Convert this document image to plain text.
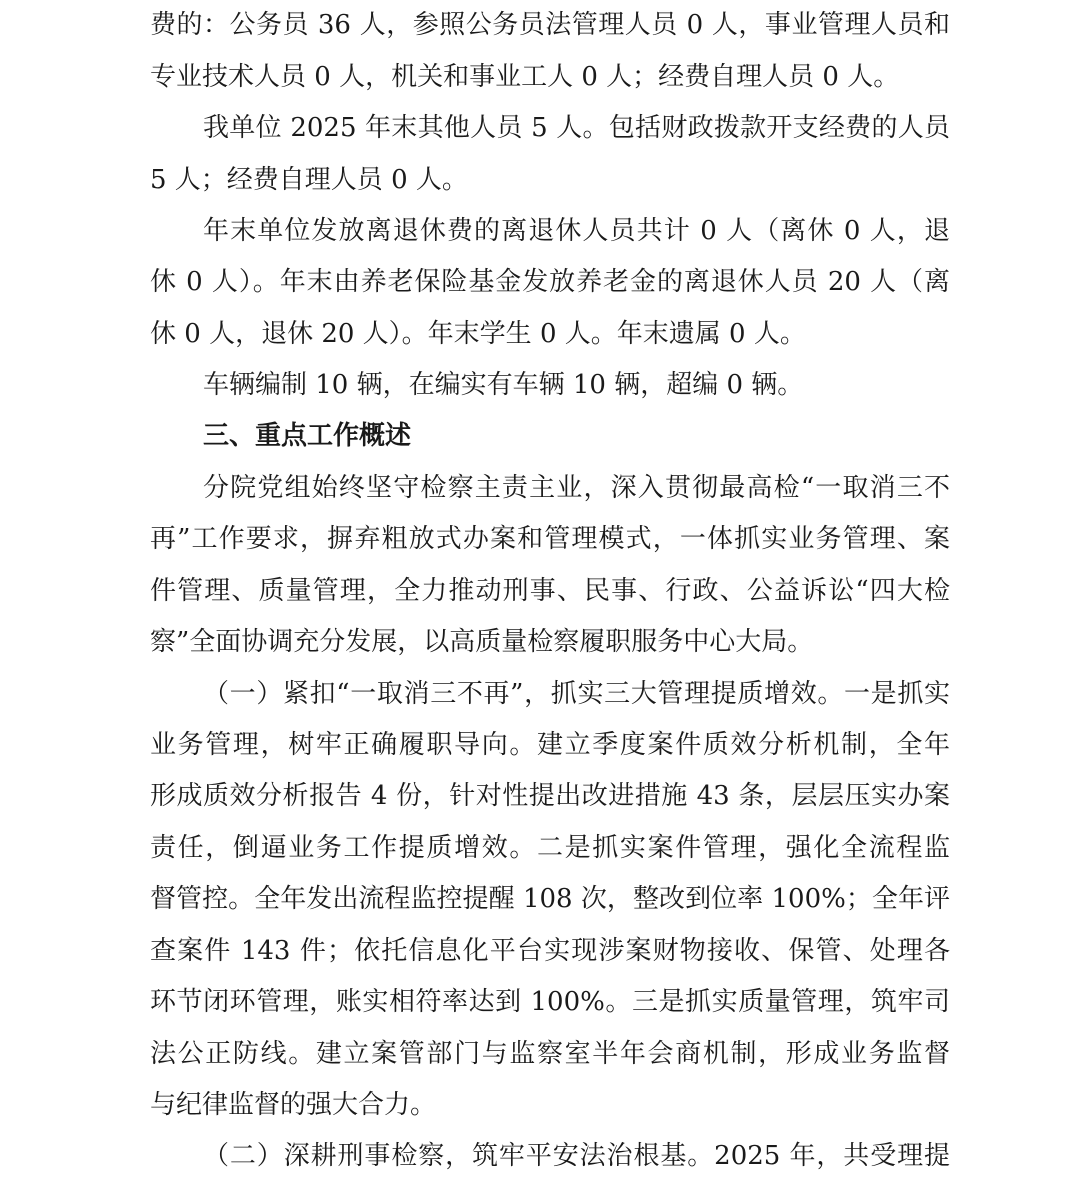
费的：公务员 36 人，参照公务员法管理人员 0 人，事业管理人员和
专业技术人员 0 人，机关和事业工人 0 人；经费自理人员 0 人。
我单位 2025 年末其他人员 5 人。包括财政拨款开支经费的人员
5 人；经费自理人员 0 人。
年末单位发放离退休费的离退休人员共计 0 人（离休 0 人，退
休 0 人）。年末由养老保险基金发放养老金的离退休人员 20 人（离
休 0 人，退休 20 人）。年末学生 0 人。年末遗属 0 人。
车辆编制 10 辆，在编实有车辆 10 辆，超编 0 辆。
三、重点工作概述
分院党组始终坚守检察主责主业，深入贯彻最高检“一取消三不
再”工作要求，摒弃粗放式办案和管理模式，一体抓实业务管理、案
件管理、质量管理，全力推动刑事、民事、行政、公益诉讼“四大检
察”全面协调充分发展，以高质量检察履职服务中心大局。
（一）紧扣“一取消三不再”，抓实三大管理提质增效。一是抓实
业务管理，树牢正确履职导向。建立季度案件质效分析机制，全年
形成质效分析报告 4 份，针对性提出改进措施 43 条，层层压实办案
责任，倒逼业务工作提质增效。二是抓实案件管理，强化全流程监
督管控。全年发出流程监控提醒 108 次，整改到位率 100%；全年评
查案件 143 件；依托信息化平台实现涉案财物接收、保管、处理各
环节闭环管理，账实相符率达到 100%。三是抓实质量管理，筑牢司
法公正防线。建立案管部门与监察室半年会商机制，形成业务监督
与纪律监督的强大合力。
（二）深耕刑事检察，筑牢平安法治根基。2025 年，共受理提
